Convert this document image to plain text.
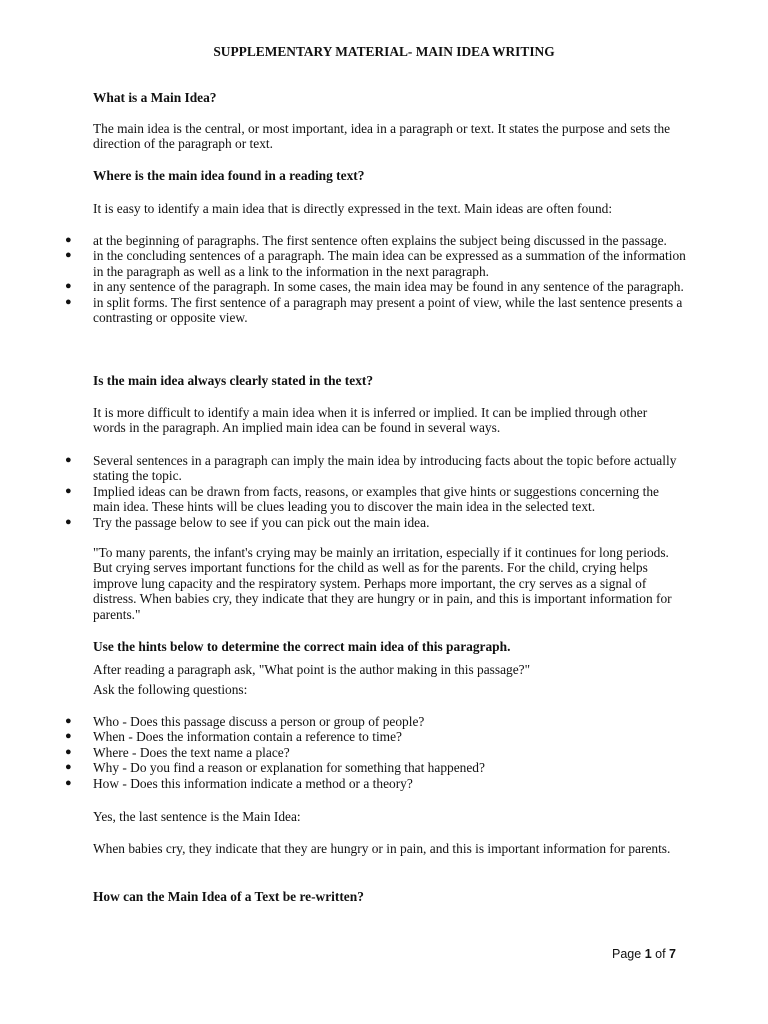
SUPPLEMENTARY MATERIAL- MAIN IDEA WRITING

What is a Main Idea?

The main idea is the central, or most important, idea in a paragraph or text. It states the purpose and sets the direction of the paragraph or text.

Where is the main idea found in a reading text?

It is easy to identify a main idea that is directly expressed in the text. Main ideas are often found:

● at the beginning of paragraphs. The first sentence often explains the subject being discussed in the passage.
● in the concluding sentences of a paragraph. The main idea can be expressed as a summation of the information in the paragraph as well as a link to the information in the next paragraph.
● in any sentence of the paragraph. In some cases, the main idea may be found in any sentence of the paragraph.
● in split forms. The first sentence of a paragraph may present a point of view, while the last sentence presents a contrasting or opposite view.

Is the main idea always clearly stated in the text?

It is more difficult to identify a main idea when it is inferred or implied. It can be implied through other words in the paragraph. An implied main idea can be found in several ways.

● Several sentences in a paragraph can imply the main idea by introducing facts about the topic before actually stating the topic.
● Implied ideas can be drawn from facts, reasons, or examples that give hints or suggestions concerning the main idea. These hints will be clues leading you to discover the main idea in the selected text.
● Try the passage below to see if you can pick out the main idea.

"To many parents, the infant's crying may be mainly an irritation, especially if it continues for long periods. But crying serves important functions for the child as well as for the parents. For the child, crying helps improve lung capacity and the respiratory system. Perhaps more important, the cry serves as a signal of distress. When babies cry, they indicate that they are hungry or in pain, and this is important information for parents."

Use the hints below to determine the correct main idea of this paragraph.

After reading a paragraph ask, "What point is the author making in this passage?"

Ask the following questions:

● Who - Does this passage discuss a person or group of people?
● When - Does the information contain a reference to time?
● Where - Does the text name a place?
● Why - Do you find a reason or explanation for something that happened?
● How - Does this information indicate a method or a theory?

Yes, the last sentence is the Main Idea:

When babies cry, they indicate that they are hungry or in pain, and this is important information for parents.

How can the Main Idea of a Text be re-written?

Page 1 of 7
